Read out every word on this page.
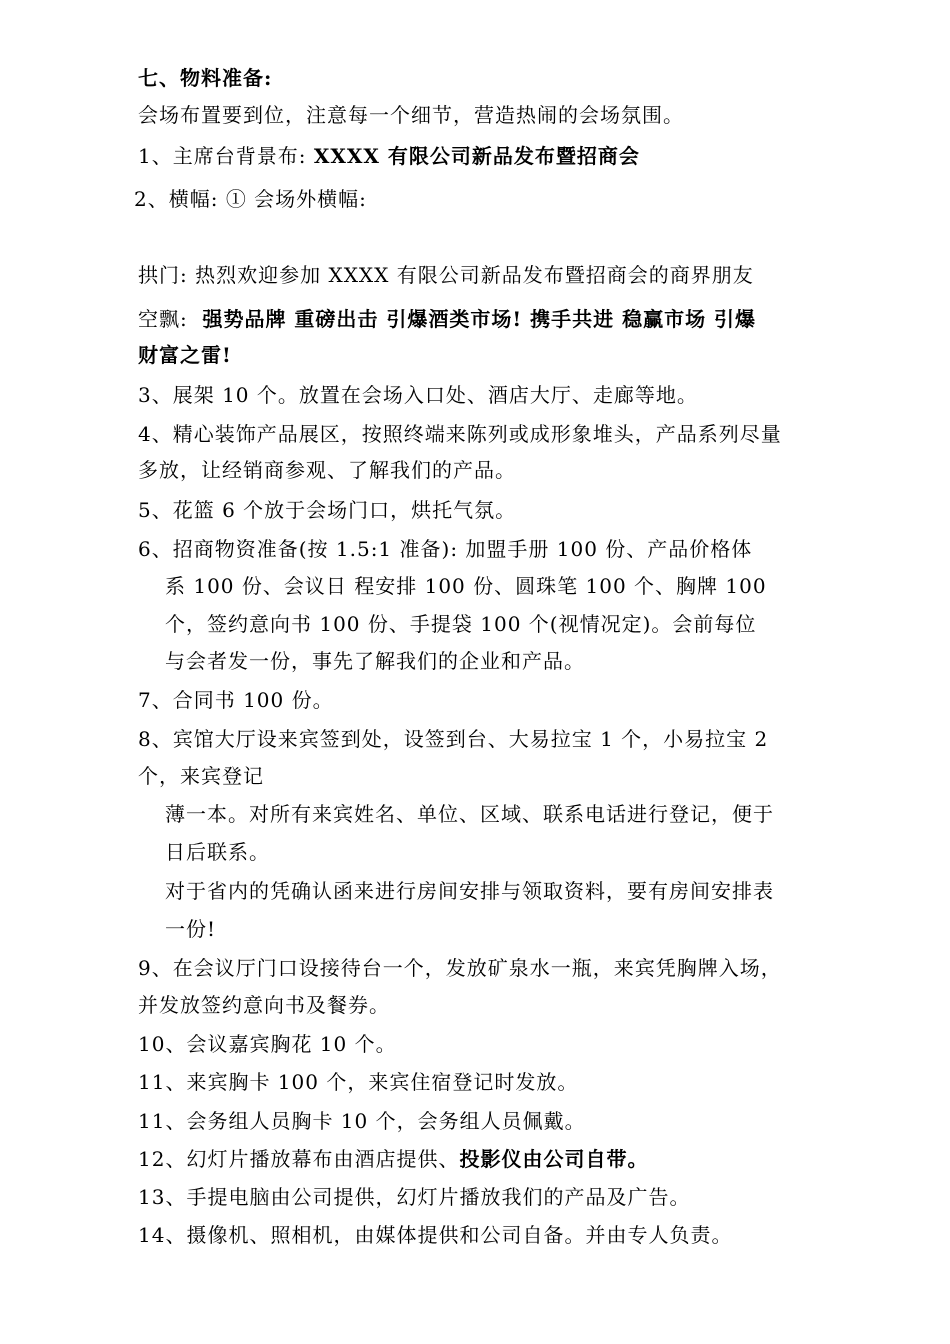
七、物料准备:
会场布置要到位，注意每一个细节，营造热闹的会场氛围。
1、主席台背景布: XXXX 有限公司新品发布暨招商会
2、横幅: ① 会场外横幅:
拱门: 热烈欢迎参加 XXXX 有限公司新品发布暨招商会的商界朋友
空飘: 强势品牌 重磅出击 引爆酒类市场! 携手共进 稳赢市场 引爆
财富之雷!
3、展架 10 个。放置在会场入口处、酒店大厅、走廊等地。
4、精心装饰产品展区，按照终端来陈列或成形象堆头，产品系列尽量
多放，让经销商参观、了解我们的产品。
5、花篮 6 个放于会场门口，烘托气氛。
6、招商物资准备(按 1.5:1 准备): 加盟手册 100 份、产品价格体
系 100 份、会议日 程安排 100 份、圆珠笔 100 个、胸牌 100
个，签约意向书 100 份、手提袋 100 个(视情况定)。会前每位
与会者发一份，事先了解我们的企业和产品。
7、合同书 100 份。
8、宾馆大厅设来宾签到处，设签到台、大易拉宝 1 个，小易拉宝 2
个，来宾登记
薄一本。对所有来宾姓名、单位、区域、联系电话进行登记，便于
日后联系。
对于省内的凭确认函来进行房间安排与领取资料，要有房间安排表
一份!
9、在会议厅门口设接待台一个，发放矿泉水一瓶，来宾凭胸牌入场，
并发放签约意向书及餐券。
10、会议嘉宾胸花 10 个。
11、来宾胸卡 100 个，来宾住宿登记时发放。
11、会务组人员胸卡 10 个，会务组人员佩戴。
12、幻灯片播放幕布由酒店提供、投影仪由公司自带。
13、手提电脑由公司提供，幻灯片播放我们的产品及广告。
14、摄像机、照相机，由媒体提供和公司自备。并由专人负责。
